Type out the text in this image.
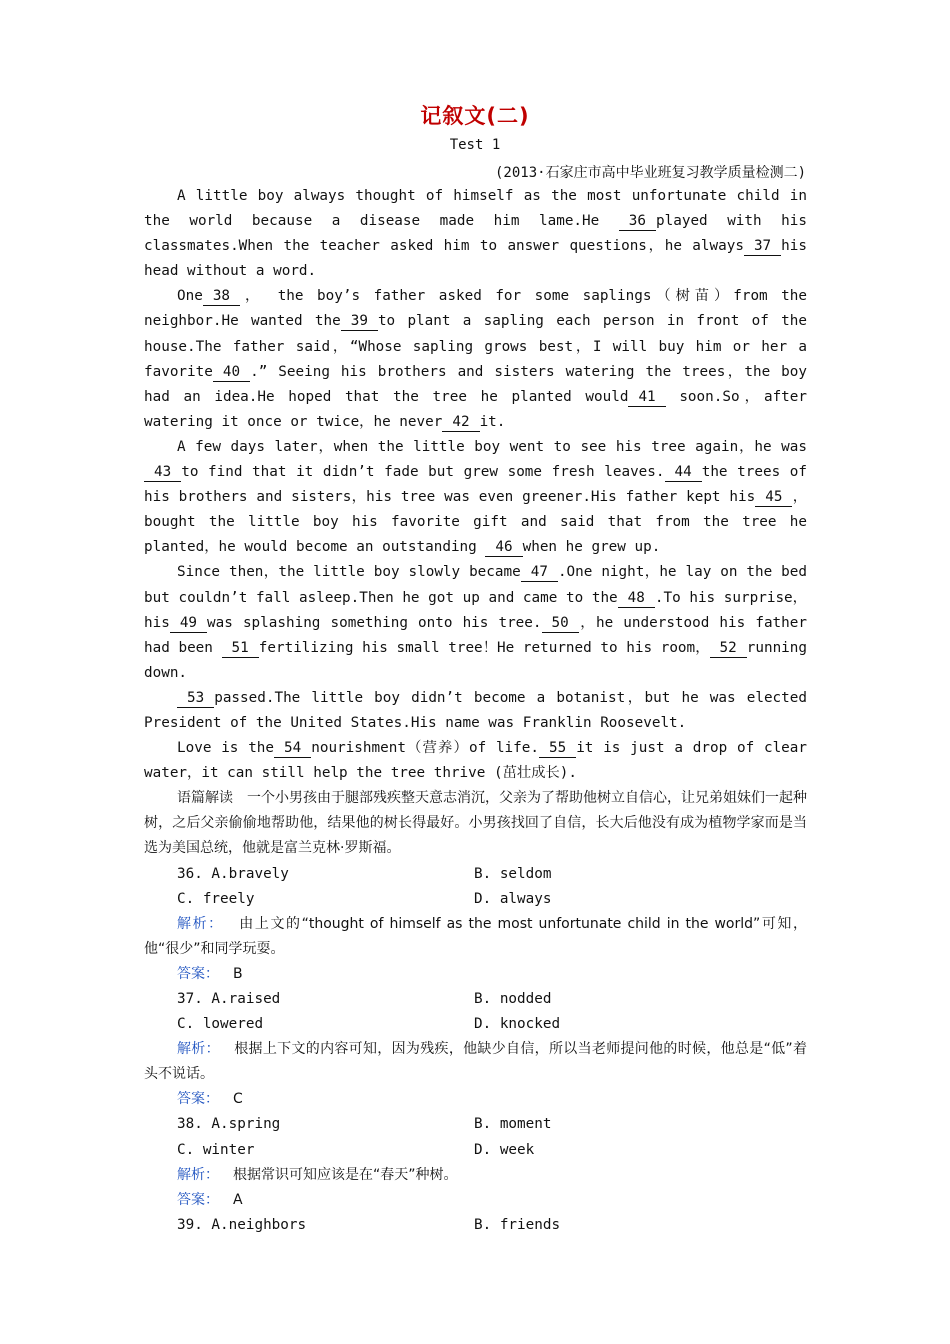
记叙文(二)
Test 1
(2013·石家庄市高中毕业班复习教学质量检测二)

A little boy always thought of himself as the most unfortunate child in the world because a disease made him lame.He 36 played with his classmates.When the teacher asked him to answer questions，he always 37 his head without a word.

One 38 ， the boy’s father asked for some saplings（树苗）from the neighbor.He wanted the 39 to plant a sapling each person in front of the house.The father said，“Whose sapling grows best，I will buy him or her a favorite 40 .” Seeing his brothers and sisters watering the trees，the boy had an idea.He hoped that the tree he planted would 41 soon.So，after watering it once or twice，he never 42 it.

A few days later，when the little boy went to see his tree again，he was43 to find that it didn’t fade but grew some fresh leaves. 44 the trees of his brothers and sisters，his tree was even greener.His father kept his 45 ，bought the little boy his favorite gift and said that from the tree he planted，he would become an outstanding 46 when he grew up.

Since then，the little boy slowly became 47 .One night，he lay on the bed but couldn’t fall asleep.Then he got up and came to the 48 .To his surprise，his 49 was splashing something onto his tree. 50 ，he understood his father had been 51 fertilizing his small tree！He returned to his room， 52 running down.

53 passed.The little boy didn’t become a botanist，but he was elected President of the United States.His name was Franklin Roosevelt.

Love is the 54 nourishment（营养）of life. 55 it is just a drop of clear water，it can still help the tree thrive (茁壮成长).

语篇解读  一个小男孩由于腿部残疾整天意志消沉，父亲为了帮助他树立自信心，让兄弟姐妹们一起种树，之后父亲偷偷地帮助他，结果他的树长得最好。小男孩找回了自信，长大后他没有成为植物学家而是当选为美国总统，他就是富兰克林·罗斯福。

36. A.bravely	B. seldom
C. freely	D. always

解析：  由上文的“thought of himself as the most unfortunate child in the world”可知，他“很少”和同学玩耍。

答案：  B

37. A.raised	B. nodded
C. lowered	D. knocked

解析：  根据上下文的内容可知，因为残疾，他缺少自信，所以当老师提问他的时候，他总是“低”着头不说话。

答案：  C

38. A.spring	B. moment
C. winter	D. week

解析：  根据常识可知应该是在“春天”种树。

答案：  A

39. A.neighbors	B. friends
